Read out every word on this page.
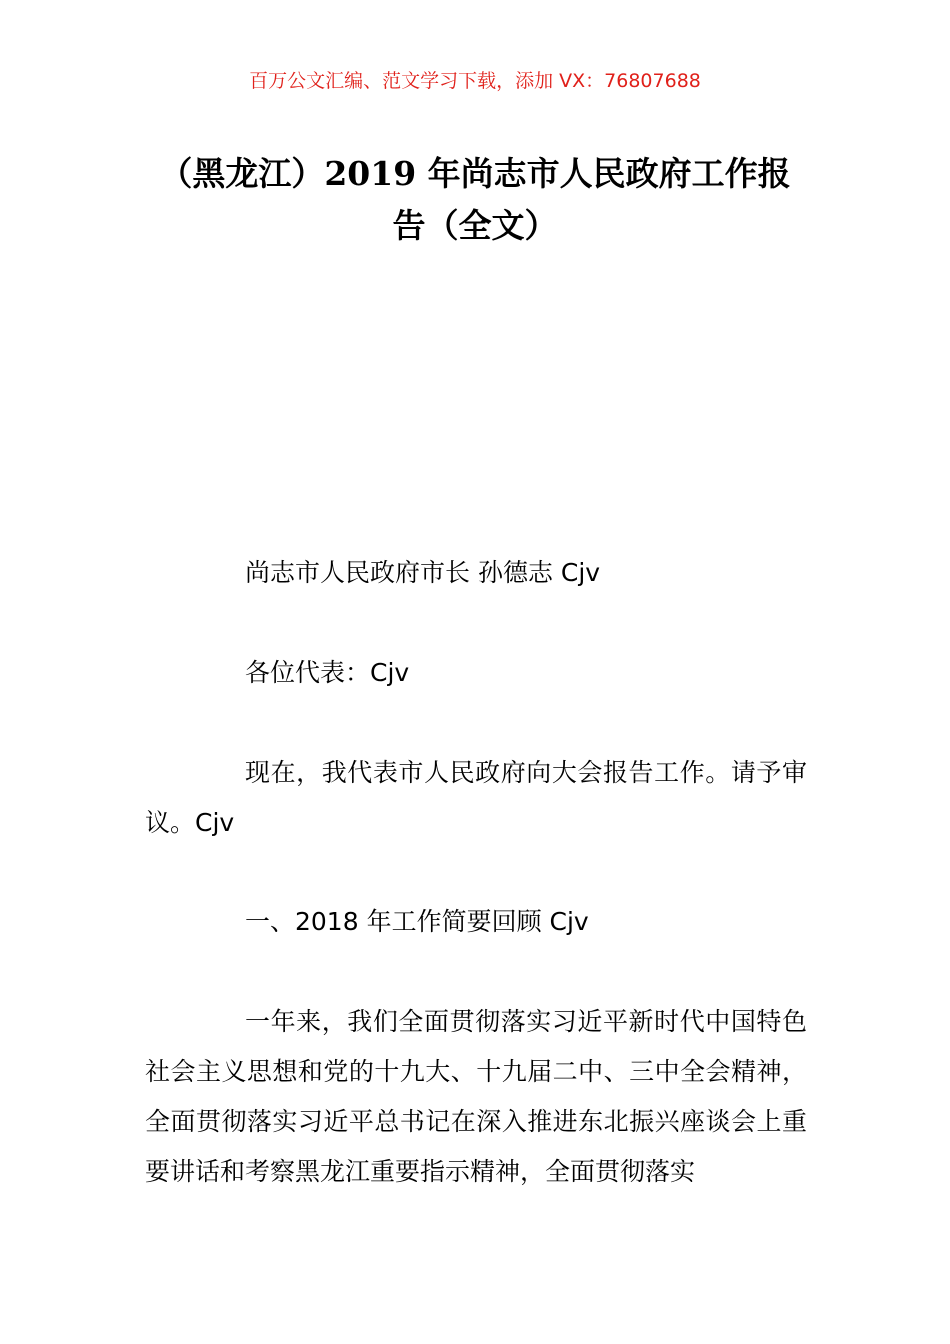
百万公文汇编、范文学习下载，添加 VX：76807688
（黑龙江）2019 年尚志市人民政府工作报告（全文）

尚志市人民政府市长 孙德志 Cjv

各位代表：Cjv

现在，我代表市人民政府向大会报告工作。请予审议。Cjv

一、2018 年工作简要回顾 Cjv

一年来，我们全面贯彻落实习近平新时代中国特色社会主义思想和党的十九大、十九届二中、三中全会精神，全面贯彻落实习近平总书记在深入推进东北振兴座谈会上重要讲话和考察黑龙江重要指示精神，全面贯彻落实
